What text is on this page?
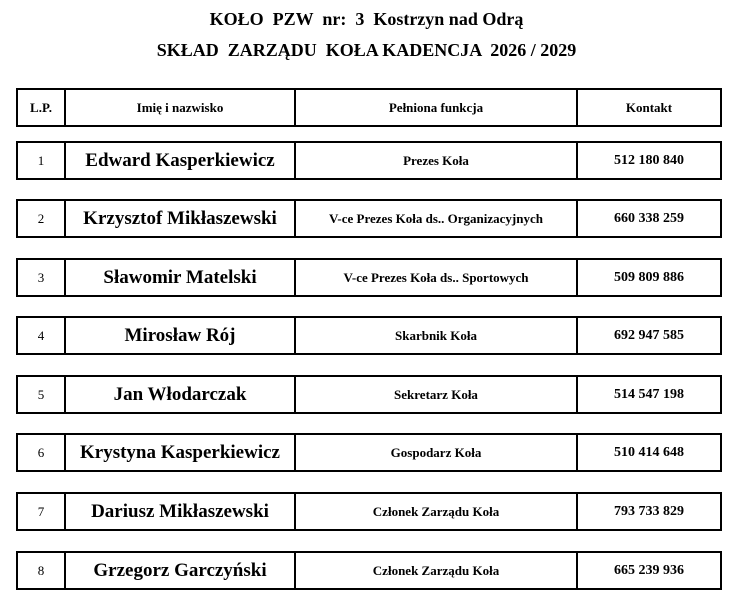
KOŁO  PZW  nr:  3  Kostrzyn nad Odrą
SKŁAD  ZARZĄDU  KOŁA KADENCJA  2026 / 2029
L.P.	Imię i nazwisko	Pełniona funkcja	Kontakt
1	Edward Kasperkiewicz	Prezes Koła	512 180 840
2	Krzysztof Mikłaszewski	V-ce Prezes Koła ds.. Organizacyjnych	660 338 259
3	Sławomir Matelski	V-ce Prezes Koła ds.. Sportowych	509 809 886
4	Mirosław Rój	Skarbnik Koła	692 947 585
5	Jan Włodarczak	Sekretarz Koła	514 547 198
6	Krystyna Kasperkiewicz	Gospodarz Koła	510 414 648
7	Dariusz Mikłaszewski	Członek Zarządu Koła	793 733 829
8	Grzegorz Garczyński	Członek Zarządu Koła	665 239 936
